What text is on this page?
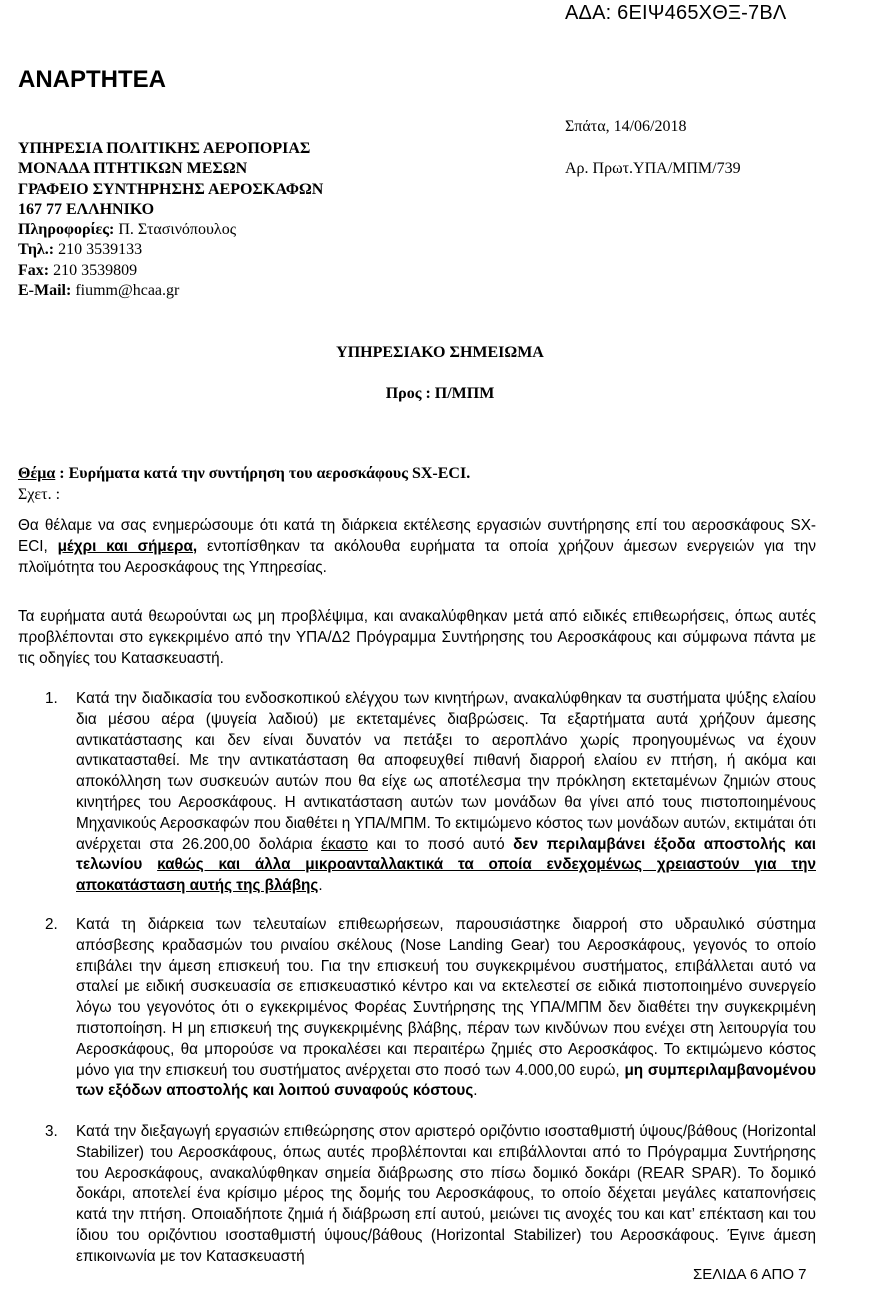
ΑΔΑ: 6ΕΙΨ465ΧΘΞ-7ΒΛ
ΑΝΑΡΤΗΤΕΑ
ΥΠΗΡΕΣΙΑ ΠΟΛΙΤΙΚΗΣ ΑΕΡΟΠΟΡΙΑΣ
ΜΟΝΑΔΑ ΠΤΗΤΙΚΩΝ ΜΕΣΩΝ
ΓΡΑΦΕΙΟ ΣΥΝΤΗΡΗΣΗΣ ΑΕΡΟΣΚΑΦΩΝ
167 77 ΕΛΛΗΝΙΚΟ
Πληροφορίες: Π. Στασινόπουλος
Τηλ.: 210 3539133
Fax: 210 3539809
E-Mail: fiumm@hcaa.gr
Σπάτα, 14/06/2018
Αρ. Πρωτ.ΥΠΑ/ΜΠΜ/739
ΥΠΗΡΕΣΙΑΚΟ ΣΗΜΕΙΩΜΑ
Προς : Π/ΜΠΜ
Θέμα : Ευρήματα κατά την συντήρηση του αεροσκάφους SX-ECI.
Σχετ. :
Θα θέλαμε να σας ενημερώσουμε ότι κατά τη διάρκεια εκτέλεσης εργασιών συντήρησης επί του αεροσκάφους SX-ECI, μέχρι και σήμερα, εντοπίσθηκαν τα ακόλουθα ευρήματα τα οποία χρήζουν άμεσων ενεργειών για την πλοϊμότητα του Αεροσκάφους της Υπηρεσίας.
Τα ευρήματα αυτά θεωρούνται ως μη προβλέψιμα, και ανακαλύφθηκαν μετά από ειδικές επιθεωρήσεις, όπως αυτές προβλέπονται στο εγκεκριμένο από την ΥΠΑ/Δ2 Πρόγραμμα Συντήρησης του Αεροσκάφους και σύμφωνα πάντα με τις οδηγίες του Κατασκευαστή.
1. Κατά την διαδικασία του ενδοσκοπικού ελέγχου των κινητήρων, ανακαλύφθηκαν τα συστήματα ψύξης ελαίου δια μέσου αέρα (ψυγεία λαδιού) με εκτεταμένες διαβρώσεις. Τα εξαρτήματα αυτά χρήζουν άμεσης αντικατάστασης και δεν είναι δυνατόν να πετάξει το αεροπλάνο χωρίς προηγουμένως να έχουν αντικατασταθεί. Με την αντικατάσταση θα αποφευχθεί πιθανή διαρροή ελαίου εν πτήση, ή ακόμα και αποκόλληση των συσκευών αυτών που θα είχε ως αποτέλεσμα την πρόκληση εκτεταμένων ζημιών στους κινητήρες του Αεροσκάφους. Η αντικατάσταση αυτών των μονάδων θα γίνει από τους πιστοποιημένους Μηχανικούς Αεροσκαφών που διαθέτει η ΥΠΑ/ΜΠΜ. Το εκτιμώμενο κόστος των μονάδων αυτών, εκτιμάται ότι ανέρχεται στα 26.200,00 δολάρια έκαστο και το ποσό αυτό δεν περιλαμβάνει έξοδα αποστολής και τελωνίου καθώς και άλλα μικροανταλλακτικά τα οποία ενδεχομένως χρειαστούν για την αποκατάσταση αυτής της βλάβης.
2. Κατά τη διάρκεια των τελευταίων επιθεωρήσεων, παρουσιάστηκε διαρροή στο υδραυλικό σύστημα απόσβεσης κραδασμών του ριναίου σκέλους (Nose Landing Gear) του Αεροσκάφους, γεγονός το οποίο επιβάλει την άμεση επισκευή του. Για την επισκευή του συγκεκριμένου συστήματος, επιβάλλεται αυτό να σταλεί με ειδική συσκευασία σε επισκευαστικό κέντρο και να εκτελεστεί σε ειδικά πιστοποιημένο συνεργείο λόγω του γεγονότος ότι ο εγκεκριμένος Φορέας Συντήρησης της ΥΠΑ/ΜΠΜ δεν διαθέτει την συγκεκριμένη πιστοποίηση. Η μη επισκευή της συγκεκριμένης βλάβης, πέραν των κινδύνων που ενέχει στη λειτουργία του Αεροσκάφους, θα μπορούσε να προκαλέσει και περαιτέρω ζημιές στο Αεροσκάφος. Το εκτιμώμενο κόστος μόνο για την επισκευή του συστήματος ανέρχεται στο ποσό των 4.000,00 ευρώ, μη συμπεριλαμβανομένου των εξόδων αποστολής και λοιπού συναφούς κόστους.
3. Κατά την διεξαγωγή εργασιών επιθεώρησης στον αριστερό οριζόντιο ισοσταθμιστή ύψους/βάθους (Horizontal Stabilizer) του Αεροσκάφους, όπως αυτές προβλέπονται και επιβάλλονται από το Πρόγραμμα Συντήρησης του Αεροσκάφους, ανακαλύφθηκαν σημεία διάβρωσης στο πίσω δομικό δοκάρι (REAR SPAR). Το δομικό δοκάρι, αποτελεί ένα κρίσιμο μέρος της δομής του Αεροσκάφους, το οποίο δέχεται μεγάλες καταπονήσεις κατά την πτήση. Οποιαδήποτε ζημιά ή διάβρωση επί αυτού, μειώνει τις ανοχές του και κατ’ επέκταση και του ίδιου του οριζόντιου ισοσταθμιστή ύψους/βάθους (Horizontal Stabilizer) του Αεροσκάφους. Έγινε άμεση επικοινωνία με τον Κατασκευαστή
ΣΕΛΙΔΑ 6 ΑΠΟ 7
